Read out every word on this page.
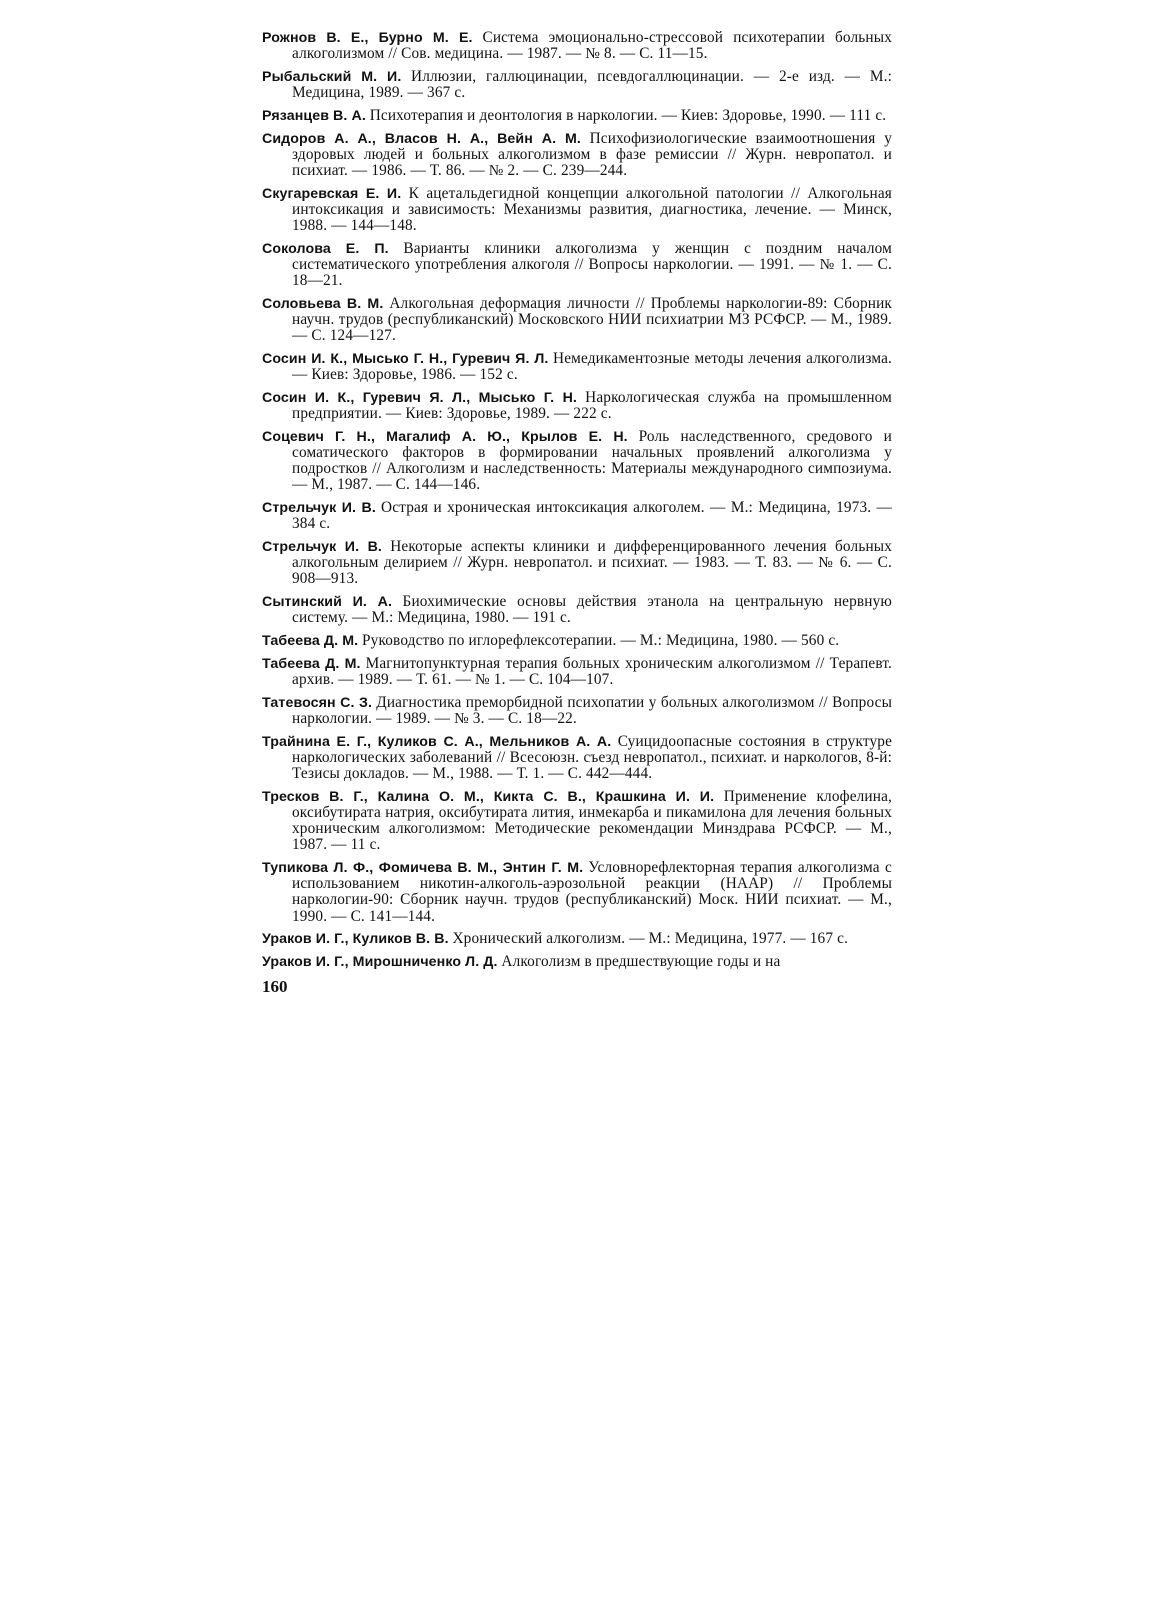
Рожнов В. Е., Бурно М. Е. Система эмоционально-стрессовой психотерапии больных алкоголизмом // Сов. медицина. — 1987. — № 8. — С. 11—15.

Рыбальский М. И. Иллюзии, галлюцинации, псевдогаллюцинации. — 2-е изд. — М.: Медицина, 1989. — 367 с.

Рязанцев В. А. Психотерапия и деонтология в наркологии. — Киев: Здоровье, 1990. — 111 с.

Сидоров А. А., Власов Н. А., Вейн А. М. Психофизиологические взаимоотношения у здоровых людей и больных алкоголизмом в фазе ремиссии // Журн. невропатол. и психиат. — 1986. — Т. 86. — № 2. — С. 239—244.

Скугаревская Е. И. К ацетальдегидной концепции алкогольной патологии // Алкогольная интоксикация и зависимость: Механизмы развития, диагностика, лечение. — Минск, 1988. — 144—148.

Соколова Е. П. Варианты клиники алкоголизма у женщин с поздним началом систематического употребления алкоголя // Вопросы наркологии. — 1991. — № 1. — С. 18—21.

Соловьева В. М. Алкогольная деформация личности // Проблемы наркологии-89: Сборник научн. трудов (республиканский) Московского НИИ психиатрии МЗ РСФСР. — М., 1989. — С. 124—127.

Сосин И. К., Мысько Г. Н., Гуревич Я. Л. Немедикаментозные методы лечения алкоголизма. — Киев: Здоровье, 1986. — 152 с.

Сосин И. К., Гуревич Я. Л., Мысько Г. Н. Наркологическая служба на промышленном предприятии. — Киев: Здоровье, 1989. — 222 с.

Соцевич Г. Н., Магалиф А. Ю., Крылов Е. Н. Роль наследственного, средового и соматического факторов в формировании начальных проявлений алкоголизма у подростков // Алкоголизм и наследственность: Материалы международного симпозиума. — М., 1987. — С. 144—146.

Стрельчук И. В. Острая и хроническая интоксикация алкоголем. — М.: Медицина, 1973. — 384 с.

Стрельчук И. В. Некоторые аспекты клиники и дифференцированного лечения больных алкогольным делирием // Журн. невропатол. и психиат. — 1983. — Т. 83. — № 6. — С. 908—913.

Сытинский И. А. Биохимические основы действия этанола на центральную нервную систему. — М.: Медицина, 1980. — 191 с.

Табеева Д. М. Руководство по иглорефлексотерапии. — М.: Медицина, 1980. — 560 с.

Табеева Д. М. Магнитопунктурная терапия больных хроническим алкоголизмом // Терапевт. архив. — 1989. — Т. 61. — № 1. — С. 104—107.

Татевосян С. З. Диагностика преморбидной психопатии у больных алкоголизмом // Вопросы наркологии. — 1989. — № 3. — С. 18—22.

Трайнина Е. Г., Куликов С. А., Мельников А. А. Суицидоопасные состояния в структуре наркологических заболеваний // Всесоюзн. съезд невропатол., психиат. и наркологов, 8-й: Тезисы докладов. — М., 1988. — Т. 1. — С. 442—444.

Тресков В. Г., Калина О. М., Кикта С. В., Крашкина И. И. Применение клофелина, оксибутирата натрия, оксибутирата лития, инмекарба и пикамилона для лечения больных хроническим алкоголизмом: Методические рекомендации Минздрава РСФСР. — М., 1987. — 11 с.

Тупикова Л. Ф., Фомичева В. М., Энтин Г. М. Условнорефлекторная терапия алкоголизма с использованием никотин-алкоголь-аэрозольной реакции (НААР) // Проблемы наркологии-90: Сборник научн. трудов (республиканский) Моск. НИИ психиат. — М., 1990. — С. 141—144.

Ураков И. Г., Куликов В. В. Хронический алкоголизм. — М.: Медицина, 1977. — 167 с.

Ураков И. Г., Мирошниченко Л. Д. Алкоголизм в предшествующие годы и на

160
